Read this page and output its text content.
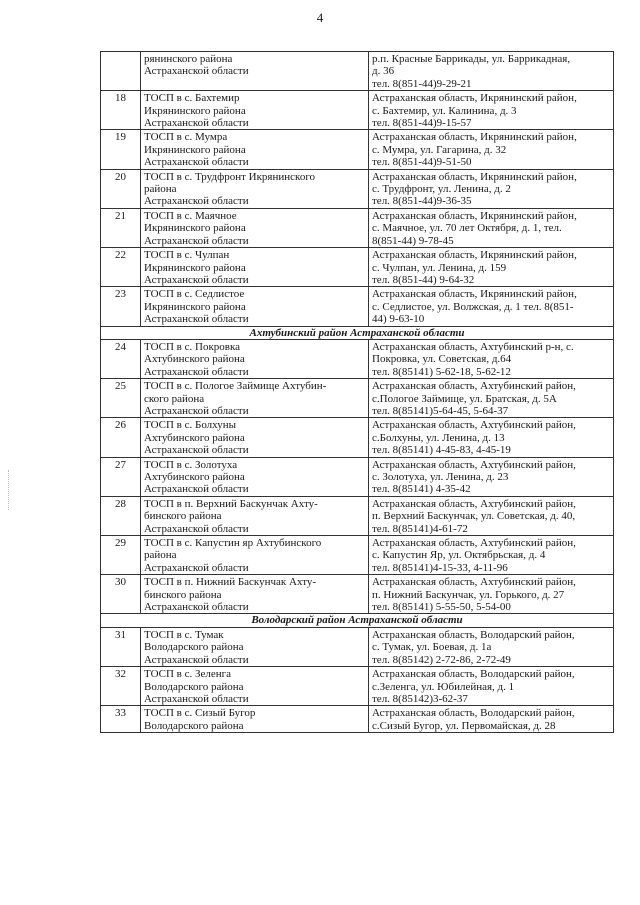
4
	рянинского района
Астраханской области	р.п. Красные Баррикады, ул. Баррикадная,
д. 36
тел. 8(851-44)9-29-21
18	ТОСП в с. Бахтемир
Икрянинского района
Астраханской области	Астраханская область, Икрянинский район,
с. Бахтемир, ул. Калинина, д. 3
тел. 8(851-44)9-15-57
19	ТОСП в с. Мумра
Икрянинского района
Астраханской области	Астраханская область, Икрянинский район,
с. Мумра, ул. Гагарина, д. 32
тел. 8(851-44)9-51-50
20	ТОСП в с. Трудфронт Икрянинского
района
Астраханской области	Астраханская область, Икрянинский район,
с. Трудфронт, ул. Ленина, д. 2
тел. 8(851-44)9-36-35
21	ТОСП в с. Маячное
Икрянинского района
Астраханской области	Астраханская область, Икрянинский район,
с. Маячное, ул. 70 лет Октября, д. 1, тел.
8(851-44) 9-78-45
22	ТОСП в с. Чулпан
Икрянинского района
Астраханской области	Астраханская область, Икрянинский район,
с. Чулпан, ул. Ленина, д. 159
тел. 8(851-44) 9-64-32
23	ТОСП в с. Седлистое
Икрянинского района
Астраханской области	Астраханская область, Икрянинский район,
с. Седлистое, ул. Волжская, д. 1 тел. 8(851-
44) 9-63-10
Ахтубинский район Астраханской области		
24	ТОСП в с. Покровка
Ахтубинского района
Астраханской области	Астраханская область, Ахтубинский р-н, с.
Покровка, ул. Советская, д.64
тел. 8(85141) 5-62-18, 5-62-12
25	ТОСП в с. Пологое Займище Ахтубин-
ского района
Астраханской области	Астраханская область, Ахтубинский район,
с.Пологое Займище, ул. Братская, д. 5А
тел. 8(85141)5-64-45, 5-64-37
26	ТОСП в с. Болхуны
Ахтубинского района
Астраханской области	Астраханская область, Ахтубинский район,
с.Болхуны, ул. Ленина, д. 13
тел. 8(85141) 4-45-83, 4-45-19
27	ТОСП в с. Золотуха
Ахтубинского района
Астраханской области	Астраханская область, Ахтубинский район,
с. Золотуха, ул. Ленина, д. 23
тел. 8(85141) 4-35-42
28	ТОСП в п. Верхний Баскунчак Ахту-
бинского района
Астраханской области	Астраханская область, Ахтубинский район,
п. Верхний Баскунчак, ул. Советская, д. 40,
тел. 8(85141)4-61-72
29	ТОСП в с. Капустин яр Ахтубинского
района
Астраханской области	Астраханская область, Ахтубинский район,
с. Капустин Яр, ул. Октябрьская, д. 4
тел. 8(85141)4-15-33, 4-11-96
30	ТОСП в п. Нижний Баскунчак Ахту-
бинского района
Астраханской области	Астраханская область, Ахтубинский район,
п. Нижний Баскунчак, ул. Горького, д. 27
тел. 8(85141) 5-55-50, 5-54-00
Володарский район Астраханской области		
31	ТОСП в с. Тумак
Володарского района
Астраханской области	Астраханская область, Володарский район,
с. Тумак, ул. Боевая, д. 1а
тел. 8(85142) 2-72-86, 2-72-49
32	ТОСП в с. Зеленга
Володарского района
Астраханской области	Астраханская область, Володарский район,
с.Зеленга, ул. Юбилейная, д. 1
тел. 8(85142)3-62-37
33	ТОСП в с. Сизый Бугор
Володарского района	Астраханская область, Володарский район,
с.Сизый Бугор, ул. Первомайская, д. 28
